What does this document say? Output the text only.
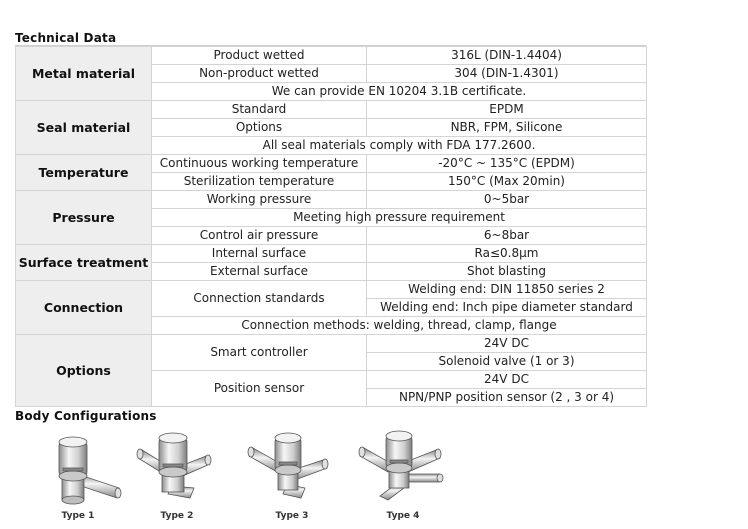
Technical Data
Metal material	Product wetted	316L (DIN-1.4404)
	Non-product wetted	304 (DIN-1.4301)
	We can provide EN 10204 3.1B certificate.	
Seal material	Standard	EPDM
	Options	NBR, FPM, Silicone
	All seal materials comply with FDA 177.2600.	
Temperature	Continuous working temperature	-20°C ~ 135°C (EPDM)
	Sterilization temperature	150°C (Max 20min)
Pressure	Working pressure	0~5bar
	Meeting high pressure requirement	
	Control air pressure	6~8bar
Surface treatment	Internal surface	Ra≤0.8μm
	External surface	Shot blasting
Connection	Connection standards	Welding end: DIN 11850 series 2
		Welding end: Inch pipe diameter standard
	Connection methods: welding, thread, clamp, flange	
Options	Smart controller	24V DC
		Solenoid valve (1 or 3)
	Position sensor	24V DC
		NPN/PNP position sensor (2 , 3 or 4)
Body Configurations
Type 1	Type 2	Type 3	Type 4
